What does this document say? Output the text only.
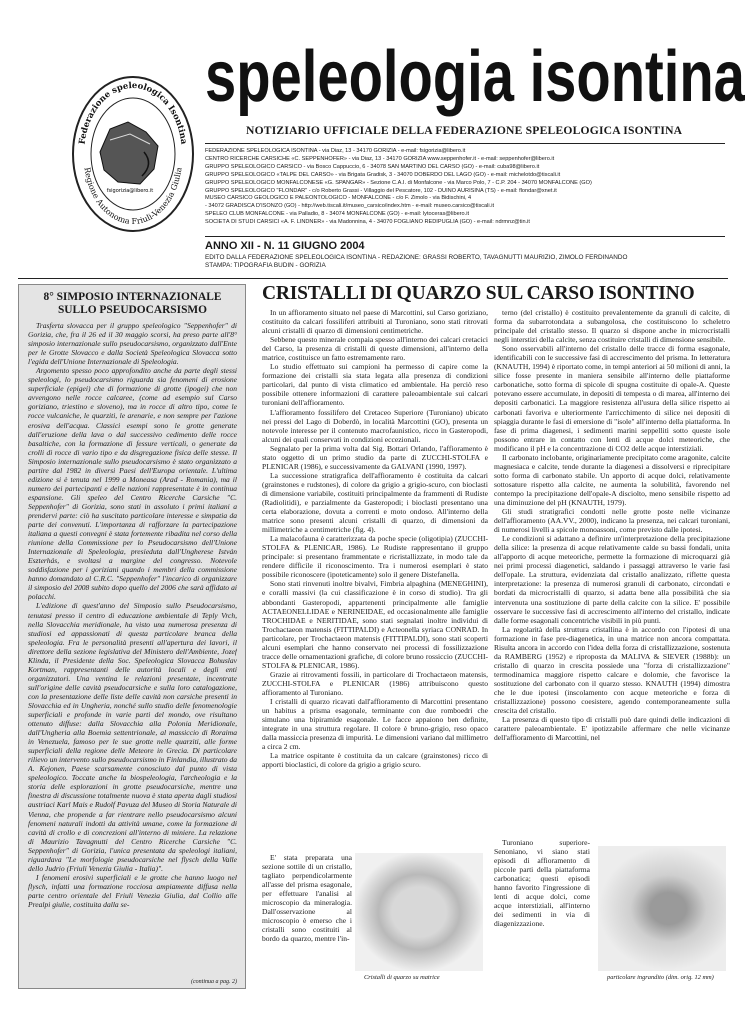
Federazione speleologica Isontina
Regione Autonoma Friuli-Venezia Giulia
fsigorizia@libero.it
speleologia isontina
NOTIZIARIO UFFICIALE DELLA FEDERAZIONE SPELEOLOGICA ISONTINA
FEDERAZIONE SPELEOLOGICA ISONTINA - via Diaz, 13 - 34170 GORIZIA - e-mail: fsigorizia@libero.it
CENTRO RICERCHE CARSICHE «C. SEPPENHOFER» - via Diaz, 13 - 34170 GORIZIA www.seppenhofer.it - e-mail: seppenhofer@libero.it
GRUPPO SPELEOLOGICO CARSICO - via Bosco Cappuccio, 6 - 34078 SAN MARTINO DEL CARSO (GO) - e-mail: cuba98@libero.it
GRUPPO SPELEOLOGICO «TALPE DEL CARSO» - via Brigata Gradisk, 3 - 34070 DOBERDÒ DEL LAGO (GO) - e-mail: michelotdo@tiscali.it
GRUPPO SPELEOLOGICO MONFALCONESE «G. SPANGAR» - Sezione C.A.I. di Monfalcone - via Marco Polo, 7 - C.P. 204 - 34070 MONFALCONE (GO)
GRUPPO SPELEOLOGICO "FLONDAR" - c/o Roberto Grassi - Villaggio del Pescatore, 102 - DUINO AURISINA (TS) - e-mail: flondar@xnet.it
MUSEO CARSICO GEOLOGICO E PALEONTOLOGICO - MONFALCONE - c/o F. Zimolo - via Bidischini, 4
- 34072 GRADISCA D'ISONZO (GO) - http://web.tiscali.it/museo_carsico/index.htm - e-mail: museo.carsico@tiscali.it
SPELEO CLUB MONFALCONE - via Palladio, 8 - 34074 MONFALCONE (GO) - e-mail: lytoceras@libero.it
SOCIETÀ DI STUDI CARSICI «A. F. LINDNER» - via Madonnina, 4 - 34070 FOGLIANO REDIPUGLIA (GO) - e-mail: ndrmnz@tin.it
ANNO XII - N. 11 GIUGNO 2004
EDITO DALLA FEDERAZIONE SPELEOLOGICA ISONTINA - REDAZIONE: GRASSI ROBERTO, TAVAGNUTTI MAURIZIO, ZIMOLO FERDINANDO
STAMPA: TIPOGRAFIA BUDIN - GORIZIA
8° SIMPOSIO INTERNAZIONALE
SULLO PSEUDOCARSISMO

Trasferta slovacca per il gruppo speleologico "Seppenhofer" di Gorizia, che, fra il 26 ed il 30 maggio scorsi, ha preso parte all'8° simposio internazionale sullo pseudocarsismo, organizzato dall'Ente per le Grotte Slovacco e dalla Società Speleologica Slovacca sotto l'egida dell'Unione Internazionale di Speleologia.

Argomento spesso poco approfondito anche da parte degli stessi speleologi, lo pseudocarsismo riguarda sia fenomeni di erosione superficiale (epigei) che di formazione di grotte (ipogei) che non avvengono nelle rocce calcaree, (come ad esempio sul Carso goriziano, triestino e sloveno), ma in rocce di altro tipo, come le rocce vulcaniche, le quarziti, le arenarie, e non sempre per l'azione erosiva dell'acqua. Classici esempi sono le grotte generate dall'eruzione della lava o dal successivo cedimento delle rocce basaltiche, con la formazione di fessure verticali, o generate da crolli di rocce di vario tipo e da disgregazione fisica delle stesse. Il Simposio internazionale sullo pseudocarsismo è stato organizzato a partire dal 1982 in diversi Paesi dell'Europa orientale. L'ultima edizione si è tenuta nel 1999 a Moneasa (Arad - Romania), ma il numero dei partecipanti e delle nazioni rappresentate è in continua espansione. Gli speleo del Centro Ricerche Carsiche "C. Seppenhofer" di Gorizia, sono stati in assoluto i primi italiani a prendervi parte: ciò ha suscitato particolare interesse e simpatia da parte dei convenuti. L'importanza di rafforzare la partecipazione italiana a questi convegni è stata fortemente ribadita nel corso della riunione della Commissione per lo Pseudocarsismo dell'Unione Internazionale di Speleologia, presieduta dall'Ungherese István Eszterhás, e svoltasi a margine del congresso. Notevole soddisfazione per i goriziani quando i membri della commissione hanno domandato al C.R.C. "Seppenhofer" l'incarico di organizzare il simposio del 2008 subito dopo quello del 2006 che sarà affidato ai polacchi.

L'edizione di quest'anno del Simposio sullo Pseudocarsismo, tenutasi presso il centro di educazione ambientale di Teply Vrch, nella Slovacchia meridionale, ha visto una numerosa presenza di studiosi ed appassionati di questa particolare branca della speleologia. Fra le personalità presenti all'apertura dei lavori, il direttore della sezione legislativa del Ministero dell'Ambiente, Jozef Klinda, il Presidente della Soc. Speleologica Slovacca Bohuslav Kortman, rappresentanti delle autorità locali e degli enti organizzatori. Una ventina le relazioni presentate, incentrate sull'origine delle cavità pseudocarsiche e sulla loro catalogazione, con la presentazione delle liste delle cavità non carsiche presenti in Slovacchia ed in Ungheria, nonché sullo studio delle fenomenologie superficiali e profonde in varie parti del mondo, ove risultano ottenuto diffuse: dalla Slovacchia alla Polonia Meridionale, dall'Ungheria alla Boemia settentrionale, al massiccio di Roraima in Venezuela, famoso per le sue grotte nelle quarziti, alle forme superficiali della regione delle Meteore in Grecia. Di particolare rilievo un intervento sullo pseudocarsismo in Finlandia, illustrato da A. Kejonen, Paese scarsamente conosciuto dal punto di vista speleologico. Toccate anche la biospeleologia, l'archeologia e la storia delle esplorazioni in grotte pseudocarsiche, mentre una finestra di discussione totalmente nuova è stata aperta dagli studiosi austriaci Karl Mais e Rudolf Pavuza del Museo di Storia Naturale di Vienna, che propende a far rientrare nello pseudocarsismo alcuni fenomeni naturali indotti da attività umane, come la formazione di cavità di crollo e di concrezioni all'interno di miniere. La relazione di Maurizio Tavagnutti del Centro Ricerche Carsiche "C. Seppenhofer" di Gorizia, l'unica presentata da speleologi italiani, riguardava "Le morfologie pseudocarsiche nel flysch della Valle dello Judrio (Friuli Venezia Giulia - Italia)".

I fenomeni erosivi superficiali e le grotte che hanno luogo nel flysch, infatti una formazione rocciosa ampiamente diffusa nella parte centro orientale del Friuli Venezia Giulia, dal Collio alle Prealpi giulie, costituita dalla se-

(continua a pag. 2)
CRISTALLI DI QUARZO SUL CARSO ISONTINO

In un affioramento situato nel paese di Marcottini, sul Carso goriziano, costituito da calcari fossiliferi attribuiti al Turoniano, sono stati ritrovati alcuni cristalli di quarzo di dimensioni centimetriche.

Sebbene questo minerale compaia spesso all'interno dei calcari cretacici del Carso, la presenza di cristalli di queste dimensioni, all'interno della matrice, costituisce un fatto estremamente raro.

Lo studio effettuato sui campioni ha permesso di capire come la formazione dei cristalli sia stata legata alla presenza di condizioni particolari, dal punto di vista climatico ed ambientale. Ha perciò reso possibile ottenere informazioni di carattere paleoambientale sui calcari turoniani dell'affioramento.

L'affioramento fossilifero del Cretaceo Superiore (Turoniano) ubicato nei pressi del Lago di Doberdò, in località Marcottini (GO), presenta un notevole interesse per il contenuto macrofaunistico, ricco in Gasteropodi, alcuni dei quali conservati in condizioni eccezionali.

Segnalato per la prima volta dal Sig. Bottari Orlando, l'affioramento è stato oggetto di un primo studio da parte di ZUCCHI-STOLFA e PLENICAR (1986), e successivamente da GALVANI (1990, 1997).

La successione stratigrafica dell'affioramento è costituita da calcari (grainstones e rudstones), di colore da grigio a grigio-scuro, con bioclasti di dimensione variabile, costituiti principalmente da frammenti di Rudiste (Radiolitidi), e parzialmente da Gasteropodi; i bioclasti presentano una certa elaborazione, dovuta a correnti e moto ondoso. All'interno della matrice sono presenti alcuni cristalli di quarzo, di dimensioni da millimetriche a centimetriche (fig. 4).

La malacofauna è caratterizzata da poche specie (oligotipia) (ZUCCHI-STOLFA & PLENICAR, 1986). Le Rudiste rappresentano il gruppo principale: si presentano frammentate e ricristallizzate, in modo tale da rendere difficile il riconoscimento. Tra i numerosi esemplari è stato possibile riconoscere (ipoteticamente) solo il genere Distefanella.

Sono stati rinvenuti inoltre bivalvi, Fimbria alpaghina (MENEGHINI), e coralli massivi (la cui classificazione è in corso di studio). Tra gli abbondanti Gasteropodi, appartenenti principalmente alle famiglie ACTAEONELLIDAE e NERINEIDAE, ed occasionalmente alle famiglie TROCHIDAE e NERITIDAE, sono stati segnalati inoltre individui di Trochactaeon matensis (FITTIPALDI) e Acteonella syriaca CONRAD. In particolare, per Trochactaeon matensis (FITTIPALDI), sono stati scoperti alcuni esemplari che hanno conservato nei processi di fossilizzazione tracce delle ornamentazioni grafiche, di colore bruno rossiccio (ZUCCHI-STOLFA & PLENICAR, 1986).

Grazie ai ritrovamenti fossili, in particolare di Trochactaeon matensis, ZUCCHI-STOLFA e PLENICAR (1986) attribuiscono questo affioramento al Turoniano.

I cristalli di quarzo ricavati dall'affioramento di Marcottini presentano un habitus a prisma esagonale, terminante con due romboedri che simulano una bipiramide esagonale. Le facce appaiono ben definite, integrate in una struttura regolare. Il colore è bruno-grigio, reso opaco dalla massiccia presenza di impurità. Le dimensioni variano dal millimetro a circa 2 cm.

La matrice ospitante è costituita da un calcare (grainstones) ricco di apporti bioclastici, di colore da grigio a grigio scuro.

E' stata preparata una sezione sottile di un cristallo, tagliato perpendicolarmente all'asse del prisma esagonale, per effettuare l'analisi al microscopio da mineralogia. Dall'osservazione al microscopio è emerso che i cristalli sono costituiti al bordo da quarzo, mentre l'in-

terno (del cristallo) è costituito prevalentemente da granuli di calcite, di forma da subarrotondata a subangolosa, che costituiscono lo scheletro principale del cristallo stesso. Il quarzo si dispone anche in microcristalli negli interstizi della calcite, senza costituire cristalli di dimensione sensibile.

Sono osservabili all'interno del cristallo delle tracce di forma esagonale, identificabili con le successive fasi di accrescimento del prisma. In letteratura (KNAUTH, 1994) è riportato come, in tempi anteriori ai 50 milioni di anni, la silice fosse presente in maniera sensibile all'interno delle piattaforme carbonatiche, sotto forma di spicole di spugna costituite di opale-A. Queste potevano essere accumulate, in depositi di tempesta o di marea, all'interno dei depositi carbonatici. La maggiore resistenza all'usura della silice rispetto ai carbonati favoriva e ulteriormente l'arricchimento di silice nei depositi di spiaggia durante le fasi di emersione di "isole" all'interno della piattaforma. In fase di prima diagenesi, i sedimenti marini seppelliti sotto queste isole possono entrare in contatto con lenti di acque dolci meteoriche, che modificano il pH e la concentrazione di CO2 delle acque interstiziali.

Il carbonato inclobante, originariamente precipitato come aragonite, calcite magnesiaca e calcite, tende durante la diagenesi a dissolversi e riprecipitare sotto forma di carbonato stabile. Un apporto di acque dolci, relativamente sottosature rispetto alla calcite, ne aumenta la solubilità, favorendo nel contempo la precipitazione dell'opale-A disciolto, meno sensibile rispetto ad una diminuzione del pH (KNAUTH, 1979).

Gli studi stratigrafici condotti nelle grotte poste nelle vicinanze dell'affioramento (AA.VV., 2000), indicano la presenza, nei calcari turoniani, di numerosi livelli a spicole monoassoni, come previsto dalle ipotesi.

Le condizioni si adattano a definire un'interpretazione della precipitazione della silice: la presenza di acque relativamente calde su bassi fondali, unita all'apporto di acque meteoriche, permette la formazione di microquarzi già nei primi processi diagenetici, saldando i passaggi attraverso le varie fasi dell'opale. La struttura, evidenziata dal cristallo analizzato, riflette questa interpretazione: la presenza di numerosi granuli di carbonato, circondati e bordati da microcristalli di quarzo, si adatta bene alla possibilità che sia intervenuta una sostituzione di parte della calcite con la silice. E' possibile osservare le successive fasi di accrescimento all'interno del cristallo, indicate dalle forme esagonali concentriche visibili in più punti.

La regolarità della struttura cristallina è in accordo con l'ipotesi di una formazione in fase pre-diagenetica, in una matrice non ancora compattata. Risulta ancora in accordo con l'idea della forza di cristallizzazione, sostenuta da RAMBERG (1952) e riproposta da MALIVA & SIEVER (1988b): un cristallo di quarzo in crescita possiede una "forza di cristallizzazione" termodinamica maggiore rispetto calcare e dolomie, che favorisce la sostituzione del carbonato con il quarzo stesso. KNAUTH (1994) dimostra che le due ipotesi (inscolamento con acque meteoriche e forza di cristallizzazione) possono coesistere, agendo contemporaneamente sulla crescita del cristallo.

La presenza di questo tipo di cristalli può dare quindi delle indicazioni di carattere paleoambientale. E' ipotizzabile affermare che nelle vicinanze dell'affioramento di Marcottini, nel

Turoniano superiore-Senoniano, vi siano stati episodi di affioramento di piccole parti della piattaforma carbonatica; questi episodi hanno favorito l'ingressione di lenti di acque dolci, come acque interstiziali, all'interno dei sedimenti in via di diagenizzazione.

Cristalli di quarzo su matrice	particolare ingrandito (dim. orig. 12 mm)
